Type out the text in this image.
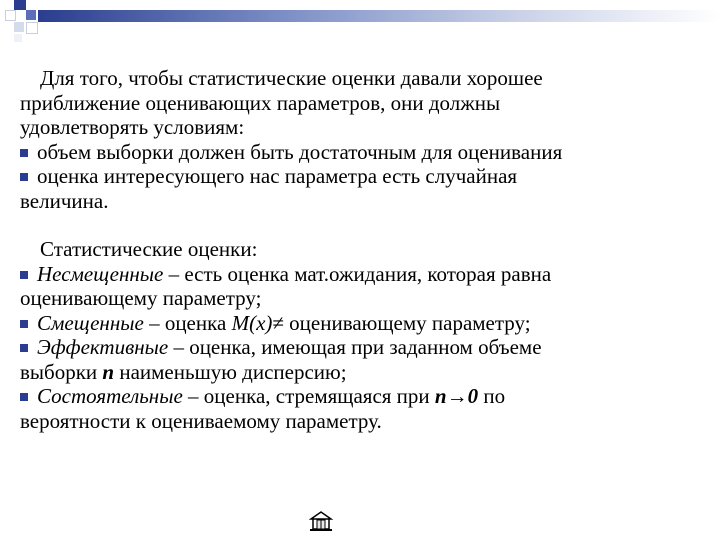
Для того, чтобы статистические оценки давали хорошее
приближение оценивающих параметров, они должны
удовлетворять условиям:

объем выборки должен быть достаточным для оценивания

оценка интересующего нас параметра есть случайная
величина.

Статистические оценки:

Несмещенные – есть оценка мат.ожидания, которая равна
оценивающему параметру;

Смещенные – оценка M(x)≠ оценивающему параметру;

Эффективные – оценка, имеющая при заданном объеме
выборки n наименьшую дисперсию;

Состоятельные – оценка, стремящаяся при n→0 по
вероятности к оцениваемому параметру.
